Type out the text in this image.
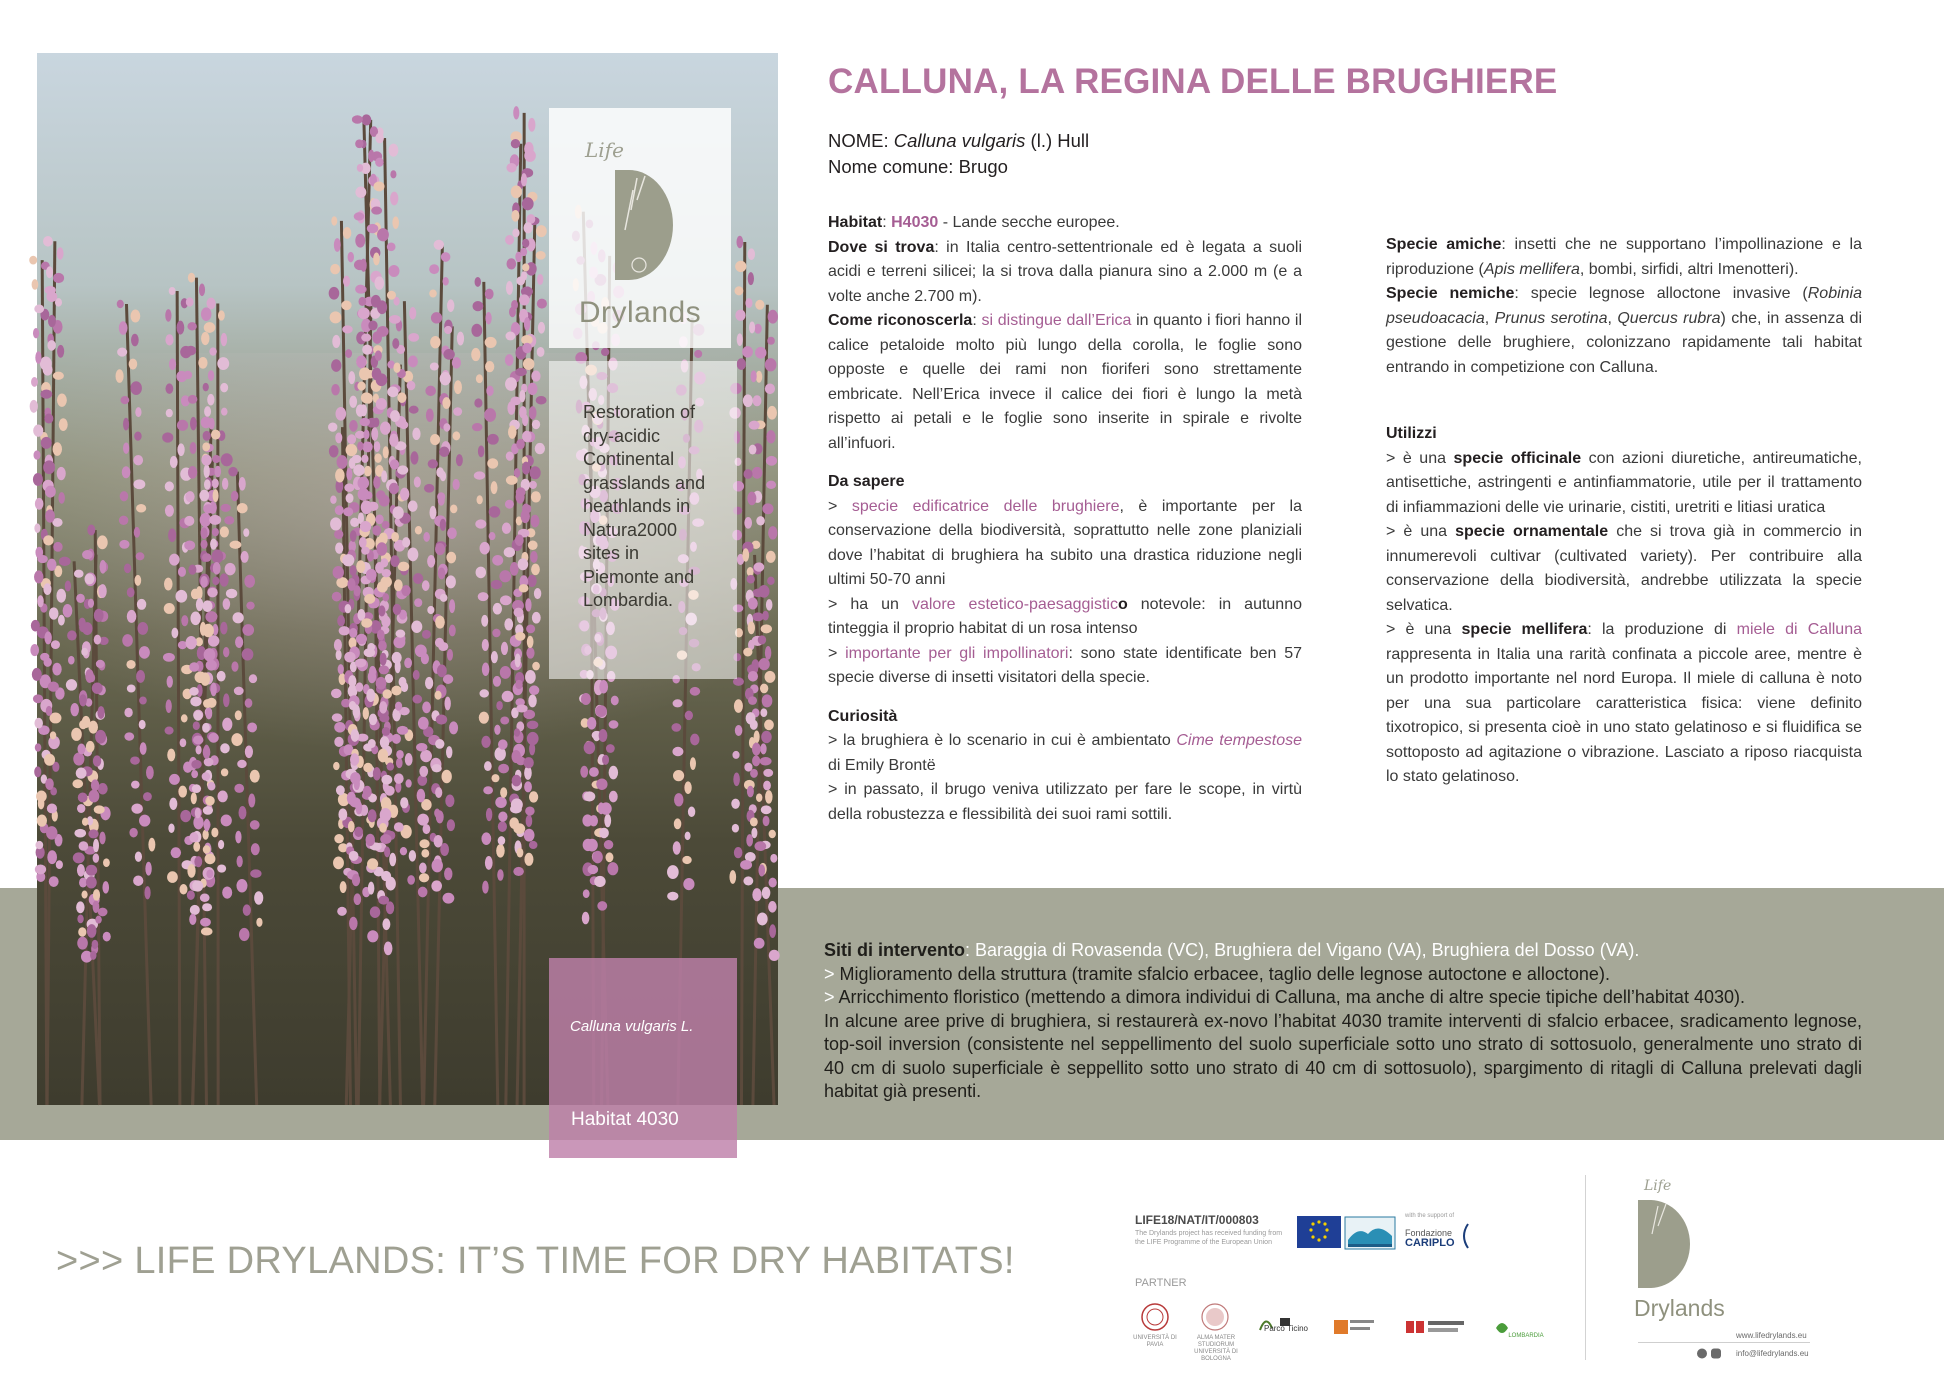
Life
Drylands

Restoration of dry-acidic Continental grasslands and heathlands in Natura2000 sites in Piemonte and Lombardia.

Calluna vulgaris L.
Habitat 4030
CALLUNA, LA REGINA DELLE BRUGHIERE
NOME: Calluna vulgaris (l.) Hull
Nome comune: Brugo
Habitat: H4030 - Lande secche europee.
Dove si trova: in Italia centro-settentrionale ed è legata a suoli acidi e terreni silicei; la si trova dalla pianura sino a 2.000 m (e a volte anche 2.700 m).
Come riconoscerla: si distingue dall’Erica in quanto i fiori hanno il calice petaloide molto più lungo della corolla, le foglie sono opposte e quelle dei rami non fioriferi sono strettamente embricate. Nell’Erica invece il calice dei fiori è lungo la metà rispetto ai petali e le foglie sono inserite in spirale e rivolte all’infuori.
Da sapere
> specie edificatrice delle brughiere, è importante per la conservazione della biodiversità, soprattutto nelle zone planiziali dove l’habitat di brughiera ha subito una drastica riduzione negli ultimi 50-70 anni
> ha un valore estetico-paesaggistico notevole: in autunno tinteggia il proprio habitat di un rosa intenso
> importante per gli impollinatori: sono state identificate ben 57 specie diverse di insetti visitatori della specie.
Curiosità
> la brughiera è lo scenario in cui è ambientato Cime tempestose di Emily Brontë
> in passato, il brugo veniva utilizzato per fare le scope, in virtù della robustezza e flessibilità dei suoi rami sottili.
Specie amiche: insetti che ne supportano l’impollinazione e la riproduzione (Apis mellifera, bombi, sirfidi, altri Imenotteri).
Specie nemiche: specie legnose alloctone invasive (Robinia pseudoacacia, Prunus serotina, Quercus rubra) che, in assenza di gestione delle brughiere, colonizzano rapidamente tali habitat entrando in competizione con Calluna.
Utilizzi
> è una specie officinale con azioni diuretiche, antireumatiche, antisettiche, astringenti e antinfiammatorie, utile per il trattamento di infiammazioni delle vie urinarie, cistiti, uretriti e litiasi uratica
> è una specie ornamentale che si trova già in commercio in innumerevoli cultivar (cultivated variety). Per contribuire alla conservazione della biodiversità, andrebbe utilizzata la specie selvatica.
> è una specie mellifera: la produzione di miele di Calluna rappresenta in Italia una rarità confinata a piccole aree, mentre è un prodotto importante nel nord Europa. Il miele di calluna è noto per una sua particolare caratteristica fisica: viene definito tixotropico, si presenta cioè in uno stato gelatinoso e si fluidifica se sottoposto ad agitazione o vibrazione. Lasciato a riposo riacquista lo stato gelatinoso.
Siti di intervento: Baraggia di Rovasenda (VC), Brughiera del Vigano (VA), Brughiera del Dosso (VA).
> Miglioramento della struttura (tramite sfalcio erbacee, taglio delle legnose autoctone e alloctone).
> Arricchimento floristico (mettendo a dimora individui di Calluna, ma anche di altre specie tipiche dell’habitat 4030).
In alcune aree prive di brughiera, si restaurerà ex-novo l’habitat 4030 tramite interventi di sfalcio erbacee, sradicamento legnose, top-soil inversion (consistente nel seppellimento del suolo superficiale sotto uno strato di sottosuolo, generalmente uno strato di 40 cm di suolo superficiale è seppellito sotto uno strato di 40 cm di sottosuolo), spargimento di ritagli di Calluna prelevati dagli habitat già presenti.
>>> LIFE DRYLANDS: IT’S TIME FOR DRY HABITATS!
LIFE18/NAT/IT/000803
The Drylands project has received funding from the LIFE Programme of the European Union
with the support of
Fondazione
CARIPLO
PARTNER
UNIVERSITÀ DI PAVIA
ALMA MATER STUDIORUM UNIVERSITÀ DI BOLOGNA
Parco Ticino
LOMBARDIA
Life
Drylands
www.lifedrylands.eu
info@lifedrylands.eu
